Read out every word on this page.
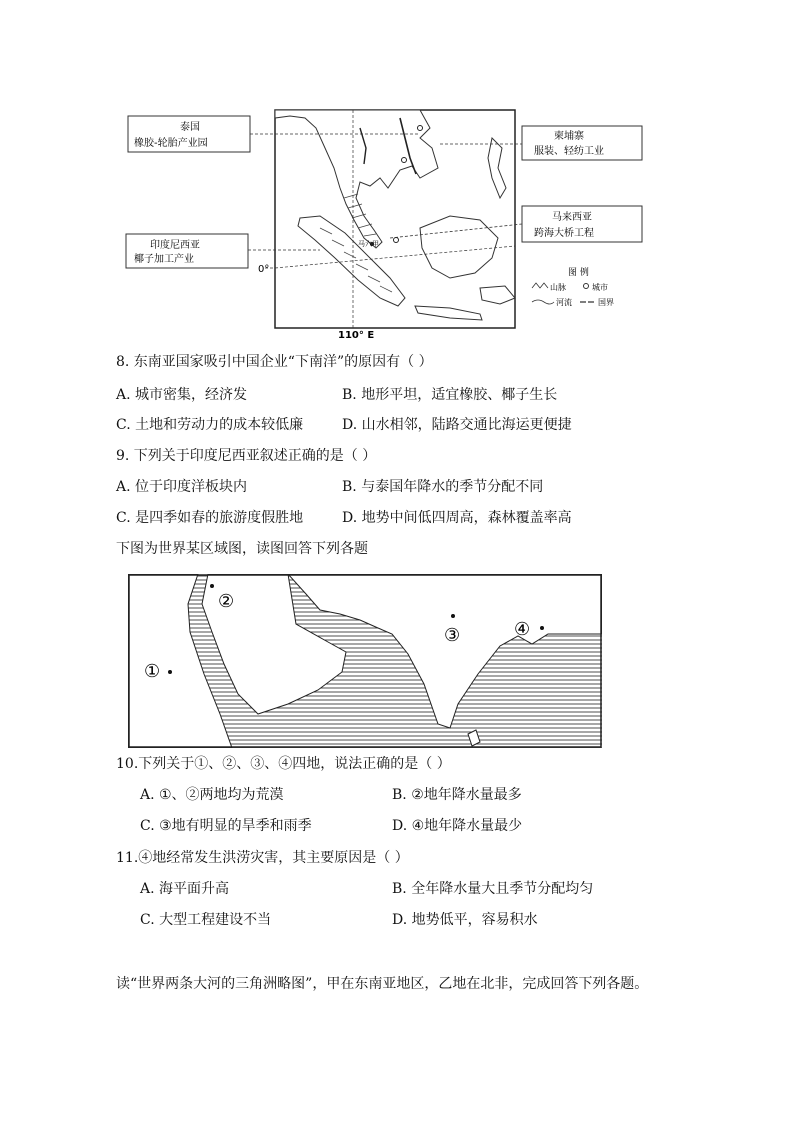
马六甲
泰国
橡胶-轮胎产业园
柬埔寨
服装、轻纺工业
马来西亚
跨海大桥工程
印度尼西亚
椰子加工产业
0°
110° E
图 例
山脉	城市
河流	国界
8. 东南亚国家吸引中国企业“下南洋”的原因有（ ）
A. 城市密集，经济发	B. 地形平坦，适宜橡胶、椰子生长
C. 土地和劳动力的成本较低廉	D. 山水相邻，陆路交通比海运更便捷
9. 下列关于印度尼西亚叙述正确的是（ ）
A. 位于印度洋板块内	B. 与泰国年降水的季节分配不同
C. 是四季如春的旅游度假胜地	D. 地势中间低四周高，森林覆盖率高
下图为世界某区域图，读图回答下列各题
①
②
③	④
10.下列关于①、②、③、④四地，说法正确的是（ ）
A. ①、②两地均为荒漠	B. ②地年降水量最多
C. ③地有明显的旱季和雨季	D. ④地年降水量最少
11.④地经常发生洪涝灾害，其主要原因是（ ）
A. 海平面升高	B. 全年降水量大且季节分配均匀
C. 大型工程建设不当	D. 地势低平，容易积水
读“世界两条大河的三角洲略图”，甲在东南亚地区，乙地在北非，完成回答下列各题。
